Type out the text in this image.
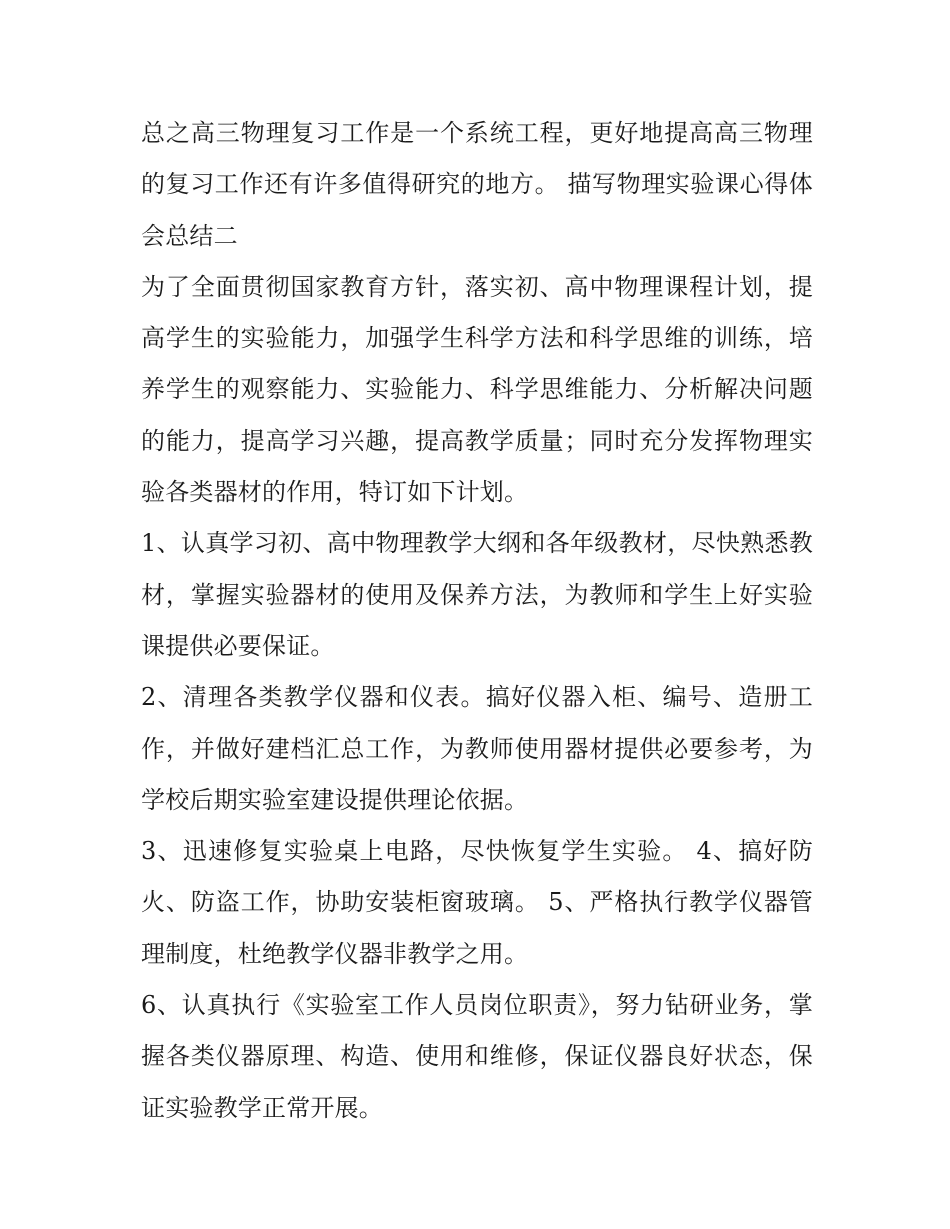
总之高三物理复习工作是一个系统工程，更好地提高高三物理的复习工作还有许多值得研究的地方。 描写物理实验课心得体会总结二

为了全面贯彻国家教育方针，落实初、高中物理课程计划，提高学生的实验能力，加强学生科学方法和科学思维的训练，培养学生的观察能力、实验能力、科学思维能力、分析解决问题的能力，提高学习兴趣，提高教学质量；同时充分发挥物理实验各类器材的作用，特订如下计划。

1、认真学习初、高中物理教学大纲和各年级教材，尽快熟悉教材，掌握实验器材的使用及保养方法，为教师和学生上好实验课提供必要保证。

2、清理各类教学仪器和仪表。搞好仪器入柜、编号、造册工作，并做好建档汇总工作，为教师使用器材提供必要参考，为学校后期实验室建设提供理论依据。

3、迅速修复实验桌上电路，尽快恢复学生实验。 4、搞好防火、防盗工作，协助安装柜窗玻璃。 5、严格执行教学仪器管理制度，杜绝教学仪器非教学之用。

6、认真执行《实验室工作人员岗位职责》，努力钻研业务，掌握各类仪器原理、构造、使用和维修，保证仪器良好状态，保证实验教学正常开展。
